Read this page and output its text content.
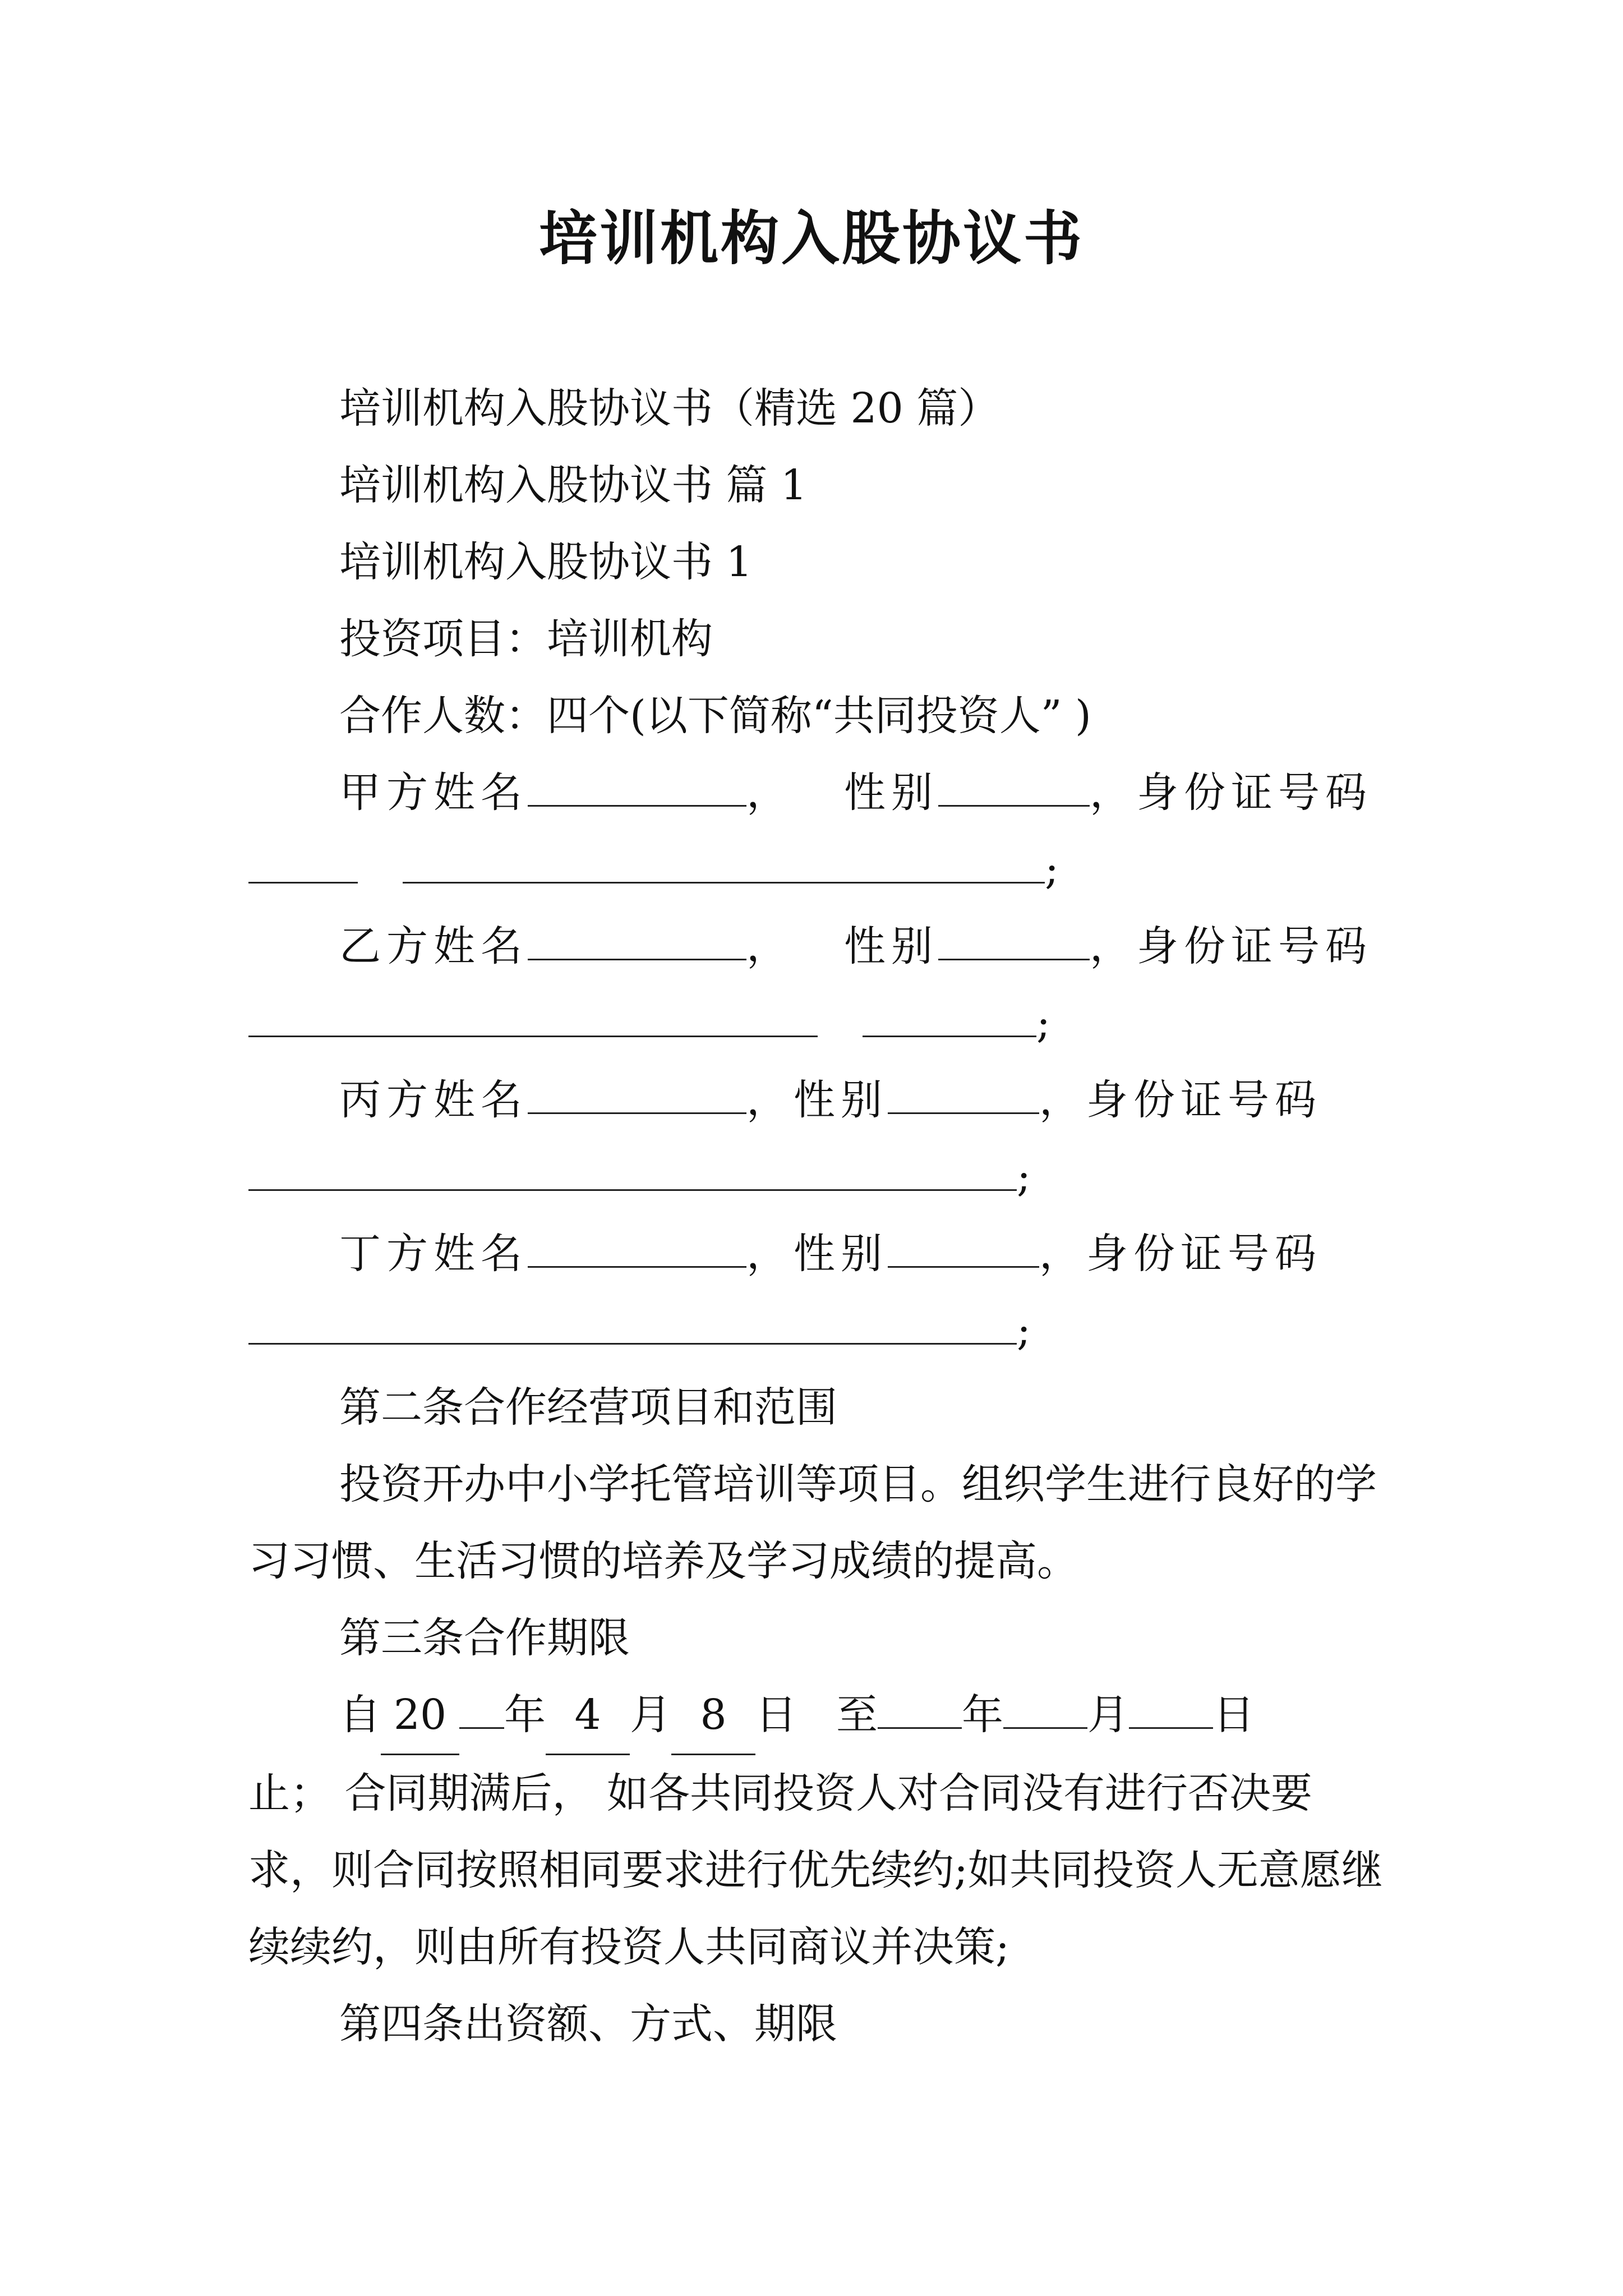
培训机构入股协议书

培训机构入股协议书（精选 20 篇）

培训机构入股协议书 篇 1

培训机构入股协议书 1

投资项目：培训机构

合作人数：四个(以下简称“共同投资人” )

甲方姓名	， 性别	，身份证号码
;

乙方姓名	， 性别	，身份证号码
;

丙方姓名	，性别	，身份证号码
;

丁方姓名	，性别	，身份证号码
;

第二条合作经营项目和范围

投资开办中小学托管培训等项目。组织学生进行良好的学习习惯、生活习惯的培养及学习成绩的提高。

第三条合作期限

自 20 年 4 月 8 日 至 年 月 日

止； 合同期满后， 如各共同投资人对合同没有进行否决要求，则合同按照相同要求进行优先续约;如共同投资人无意愿继续续约，则由所有投资人共同商议并决策;

第四条出资额、方式、期限
